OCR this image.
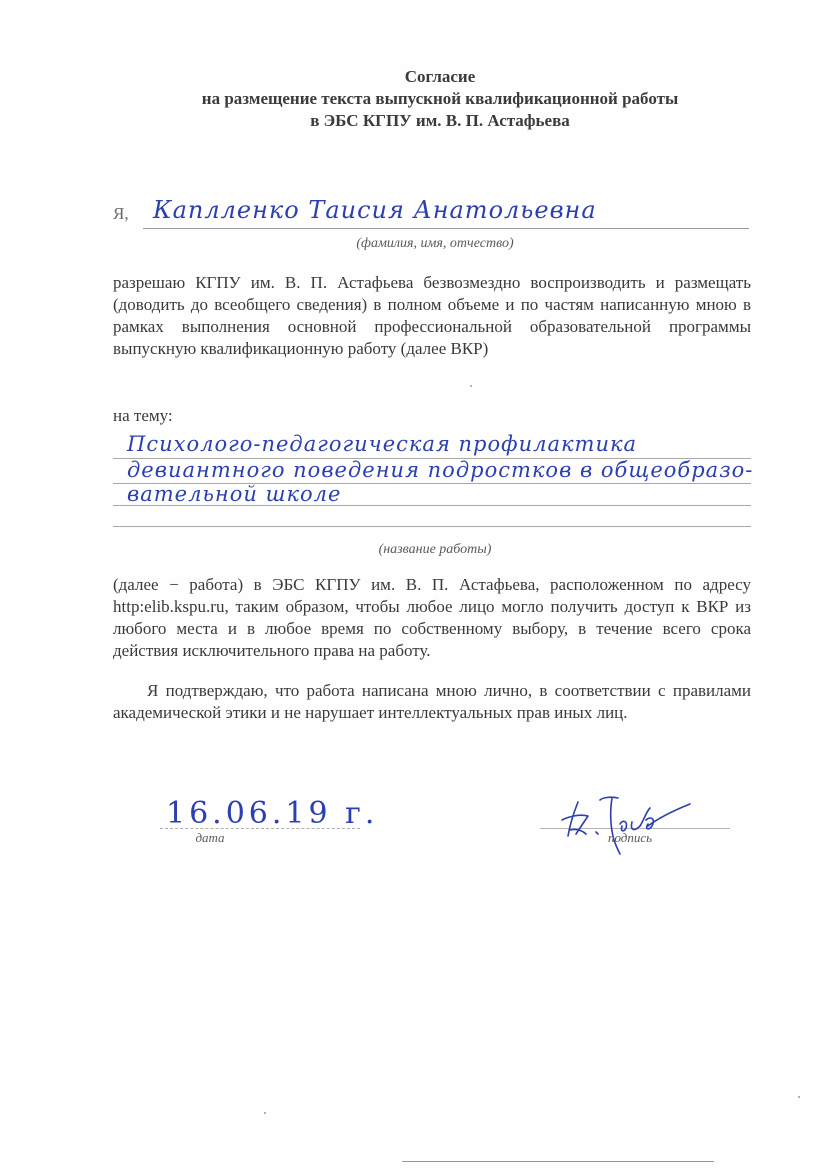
Согласие
на размещение текста выпускной квалификационной работы
в ЭБС КГПУ им. В. П. Астафьева
Я, Каплленко Таисия Анатольевна
(фамилия, имя, отчество)
разрешаю КГПУ им. В. П. Астафьева безвозмездно воспроизводить и размещать (доводить до всеобщего сведения) в полном объеме и по частям написанную мною в рамках выполнения основной профессиональной образовательной программы выпускную квалификационную работу (далее ВКР)
на тему:
Психолого-педагогическая профилактика
девиантного поведения подростков в общеобразо-
вательной школе
(название работы)
(далее − работа) в ЭБС КГПУ им. В. П. Астафьева, расположенном по адресу http:elib.kspu.ru, таким образом, чтобы любое лицо могло получить доступ к ВКР из любого места и в любое время по собственному выбору, в течение всего срока действия исключительного права на работу.
Я подтверждаю, что работа написана мною лично, в соответствии с правилами академической этики и не нарушает интеллектуальных прав иных лиц.
16.06.19 г.
дата	подпись
